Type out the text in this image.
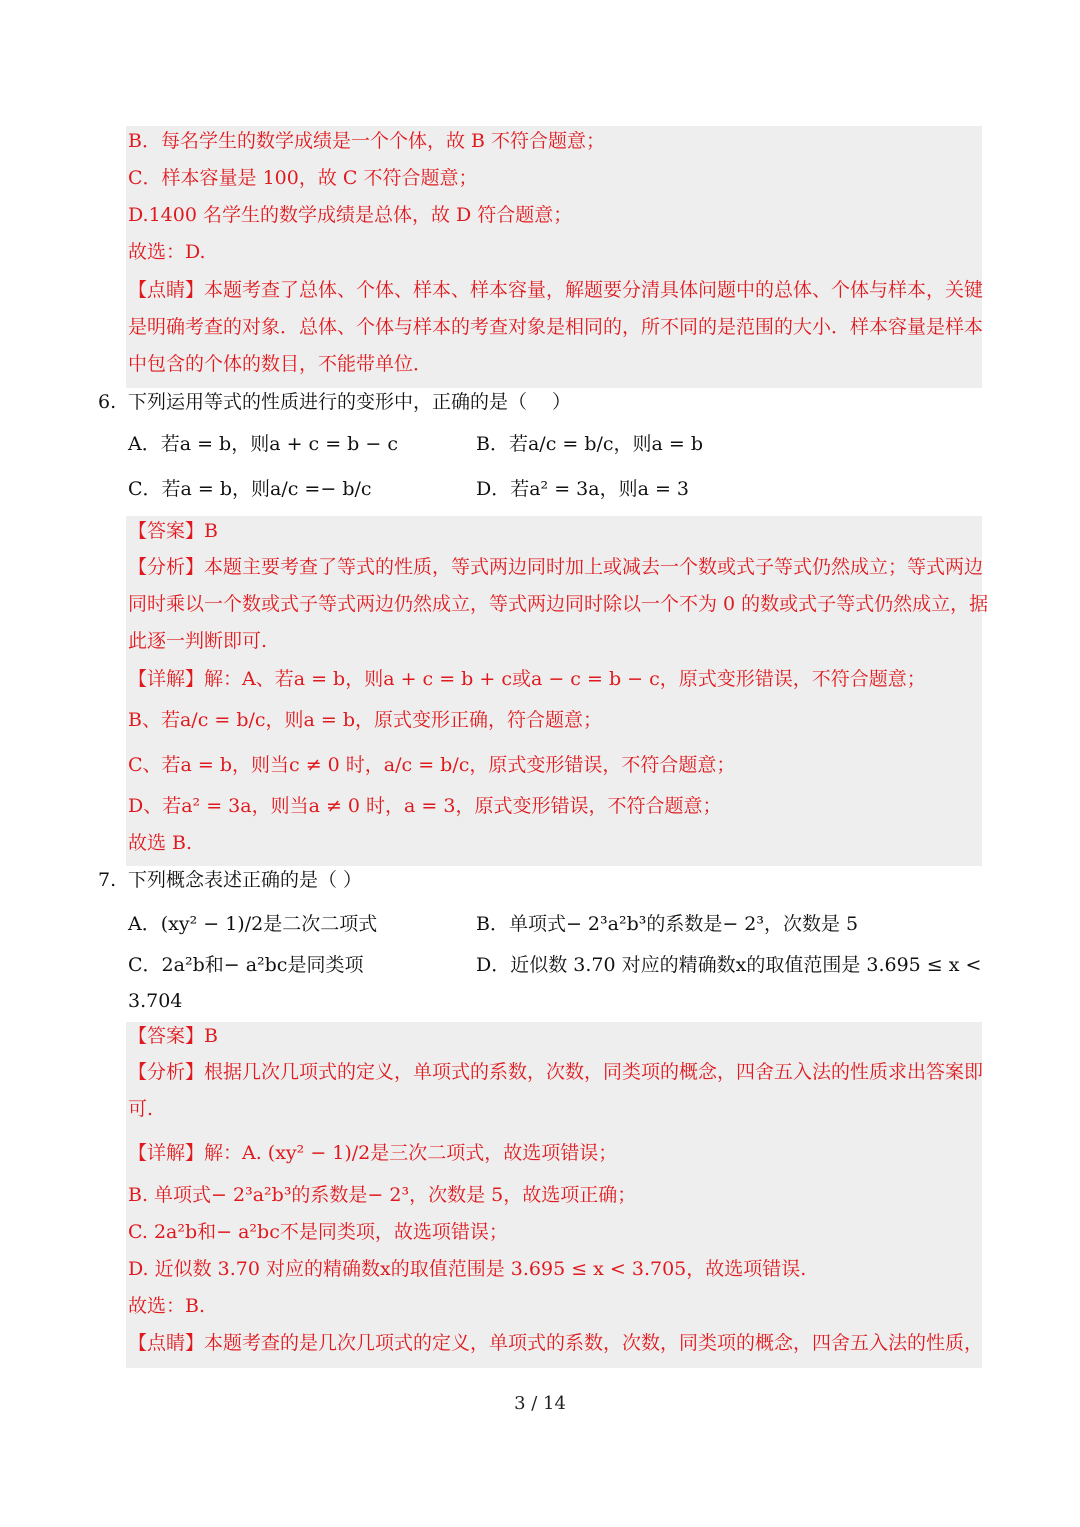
B．每名学生的数学成绩是一个个体，故 B 不符合题意；
C．样本容量是 100，故 C 不符合题意；
D.1400 名学生的数学成绩是总体，故 D 符合题意；
故选：D.
【点睛】本题考查了总体、个体、样本、样本容量，解题要分清具体问题中的总体、个体与样本，关键
是明确考查的对象．总体、个体与样本的考查对象是相同的，所不同的是范围的大小．样本容量是样本
中包含的个体的数目，不能带单位．
6. 下列运用等式的性质进行的变形中，正确的是（　 ）
A．若a = b，则a + c = b − c	B．若a/c = b/c，则a = b
C．若a = b，则a/c =− b/c	D．若a² = 3a，则a = 3
【答案】B
【分析】本题主要考查了等式的性质，等式两边同时加上或减去一个数或式子等式仍然成立；等式两边
同时乘以一个数或式子等式两边仍然成立，等式两边同时除以一个不为 0 的数或式子等式仍然成立，据
此逐一判断即可.
【详解】解：A、若a = b，则a + c = b + c或a − c = b − c，原式变形错误，不符合题意；
B、若a/c = b/c，则a = b，原式变形正确，符合题意；
C、若a = b，则当c ≠ 0 时，a/c = b/c，原式变形错误，不符合题意；
D、若a² = 3a，则当a ≠ 0 时，a = 3，原式变形错误，不符合题意；
故选 B.
7. 下列概念表述正确的是（ ）
A．(xy² − 1)/2是二次二项式	B．单项式− 2³a²b³的系数是− 2³，次数是 5
C．2a²b和− a²bc是同类项	D．近似数 3.70 对应的精确数x的取值范围是 3.695 ≤ x <
3.704
【答案】B
【分析】根据几次几项式的定义，单项式的系数，次数，同类项的概念，四舍五入法的性质求出答案即
可.
【详解】解：A. (xy² − 1)/2是三次二项式，故选项错误；
B. 单项式− 2³a²b³的系数是− 2³，次数是 5，故选项正确；
C. 2a²b和− a²bc不是同类项，故选项错误；
D. 近似数 3.70 对应的精确数x的取值范围是 3.695 ≤ x < 3.705，故选项错误.
故选：B.
【点睛】本题考查的是几次几项式的定义，单项式的系数，次数，同类项的概念，四舍五入法的性质，
3 / 14
